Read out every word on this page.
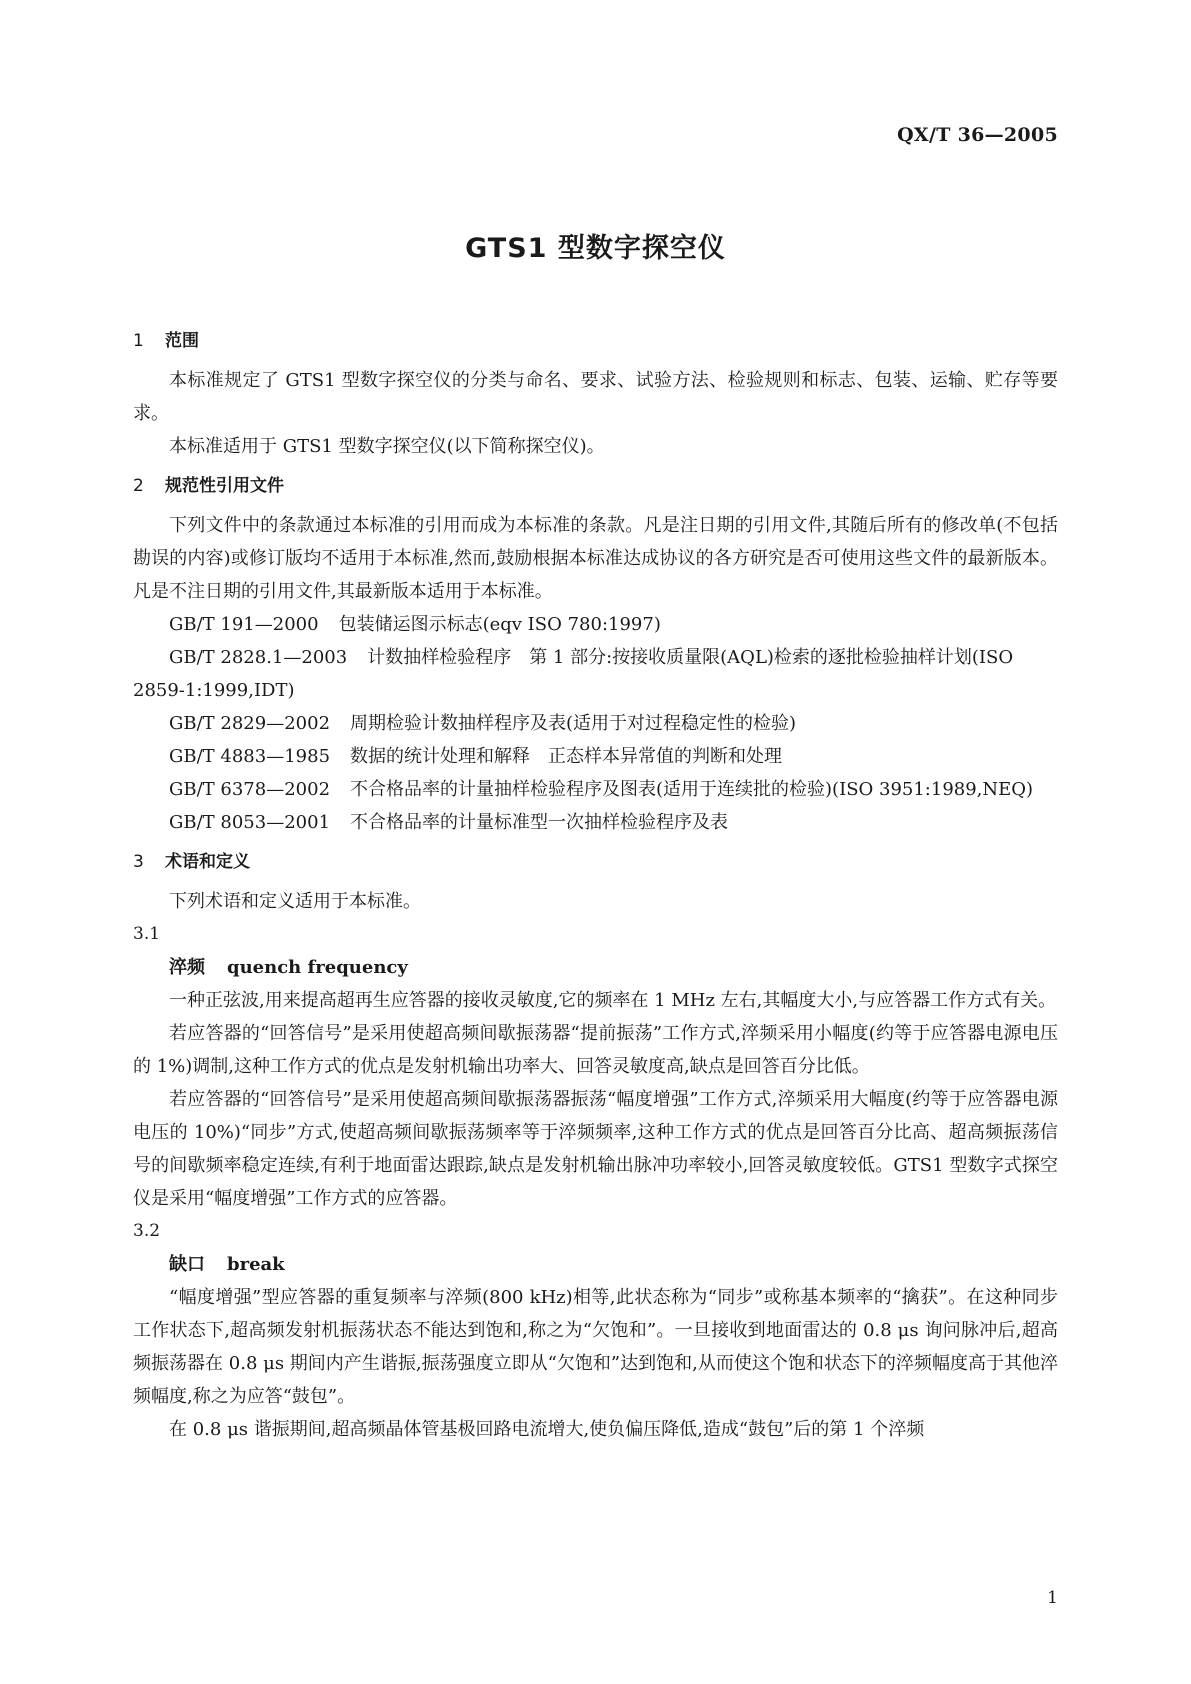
QX/T 36—2005
GTS1 型数字探空仪
1 范围
本标准规定了 GTS1 型数字探空仪的分类与命名、要求、试验方法、检验规则和标志、包装、运输、贮存等要求。
本标准适用于 GTS1 型数字探空仪(以下简称探空仪)。
2 规范性引用文件
下列文件中的条款通过本标准的引用而成为本标准的条款。凡是注日期的引用文件,其随后所有的修改单(不包括勘误的内容)或修订版均不适用于本标准,然而,鼓励根据本标准达成协议的各方研究是否可使用这些文件的最新版本。凡是不注日期的引用文件,其最新版本适用于本标准。
GB/T 191—2000 包装储运图示标志(eqv ISO 780:1997)
GB/T 2828.1—2003 计数抽样检验程序　第 1 部分:按接收质量限(AQL)检索的逐批检验抽样计划(ISO 2859-1:1999,IDT)
GB/T 2829—2002 周期检验计数抽样程序及表(适用于对过程稳定性的检验)
GB/T 4883—1985 数据的统计处理和解释　正态样本异常值的判断和处理
GB/T 6378—2002 不合格品率的计量抽样检验程序及图表(适用于连续批的检验)(ISO 3951:1989,NEQ)
GB/T 8053—2001 不合格品率的计量标准型一次抽样检验程序及表
3 术语和定义
下列术语和定义适用于本标准。
3.1
淬频 quench frequency
一种正弦波,用来提高超再生应答器的接收灵敏度,它的频率在 1 MHz 左右,其幅度大小,与应答器工作方式有关。
若应答器的“回答信号”是采用使超高频间歇振荡器“提前振荡”工作方式,淬频采用小幅度(约等于应答器电源电压的 1%)调制,这种工作方式的优点是发射机输出功率大、回答灵敏度高,缺点是回答百分比低。
若应答器的“回答信号”是采用使超高频间歇振荡器振荡“幅度增强”工作方式,淬频采用大幅度(约等于应答器电源电压的 10%)“同步”方式,使超高频间歇振荡频率等于淬频频率,这种工作方式的优点是回答百分比高、超高频振荡信号的间歇频率稳定连续,有利于地面雷达跟踪,缺点是发射机输出脉冲功率较小,回答灵敏度较低。GTS1 型数字式探空仪是采用“幅度增强”工作方式的应答器。
3.2
缺口 break
“幅度增强”型应答器的重复频率与淬频(800 kHz)相等,此状态称为“同步”或称基本频率的“擒获”。在这种同步工作状态下,超高频发射机振荡状态不能达到饱和,称之为“欠饱和”。一旦接收到地面雷达的 0.8 μs 询问脉冲后,超高频振荡器在 0.8 μs 期间内产生谐振,振荡强度立即从“欠饱和”达到饱和,从而使这个饱和状态下的淬频幅度高于其他淬频幅度,称之为应答“鼓包”。
在 0.8 μs 谐振期间,超高频晶体管基极回路电流增大,使负偏压降低,造成“鼓包”后的第 1 个淬频
1
